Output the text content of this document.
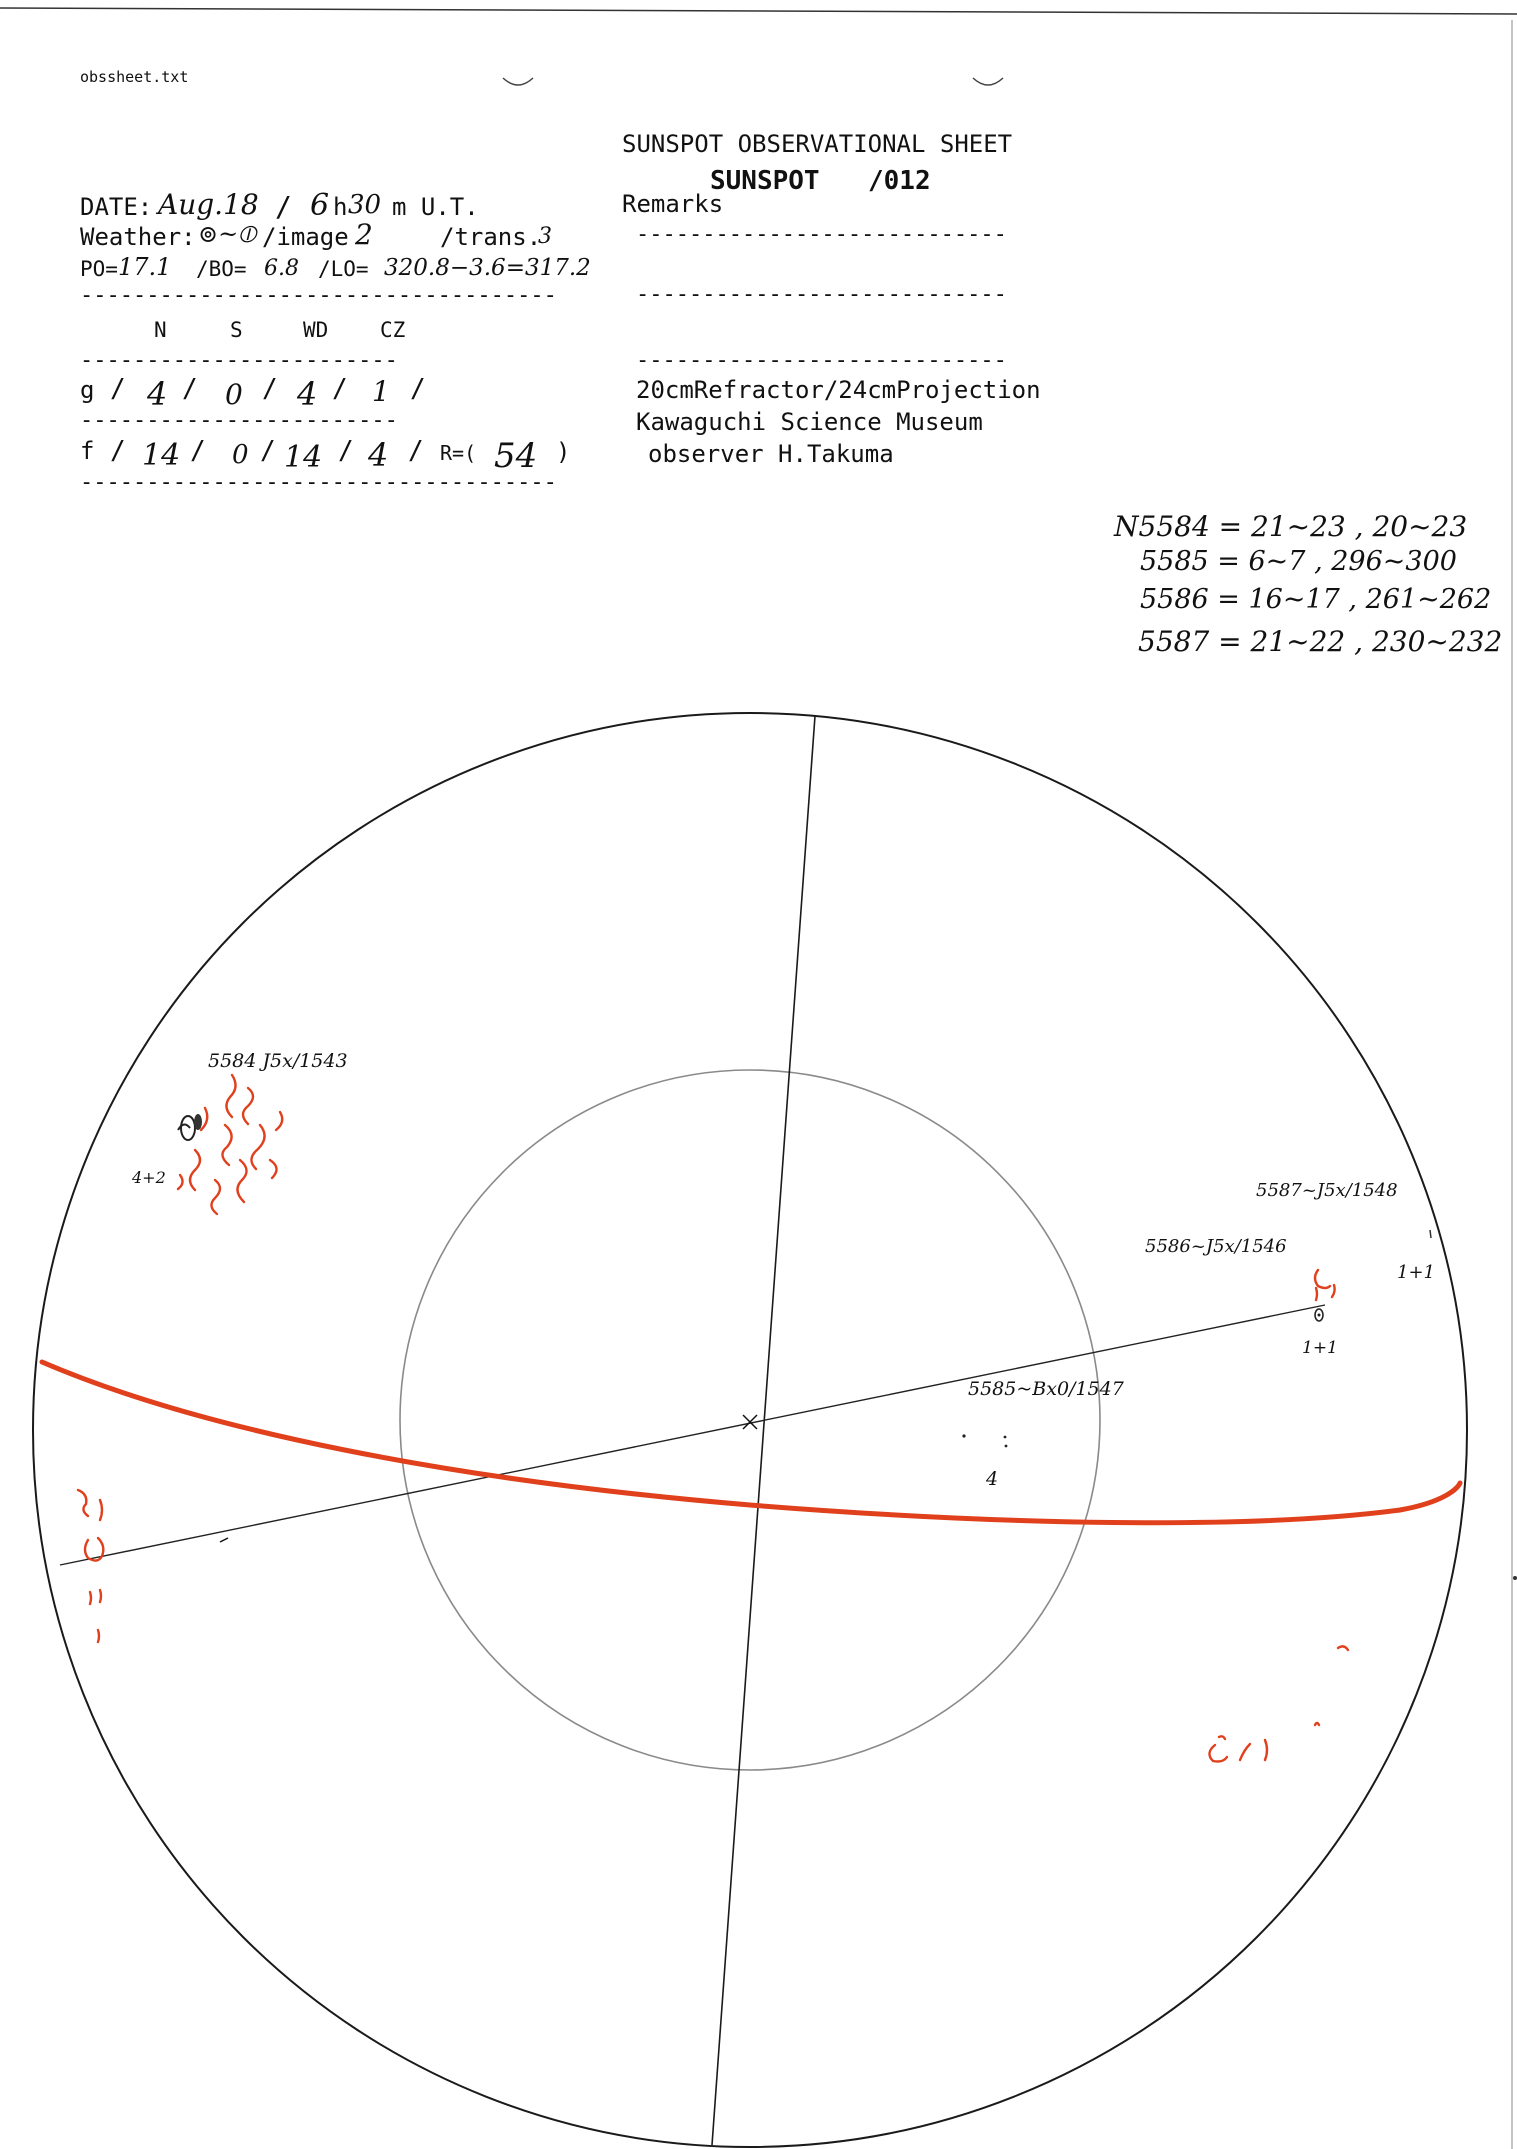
obssheet.txt
SUNSPOT OBSERVATIONAL SHEET
SUNSPOT /012
Remarks
----------------------------
----------------------------
----------------------------
20cmRefractor/24cmProjection
Kawaguchi Science Museum
observer H.Takuma
DATE: Aug.18 / 6 h 30 m U.T.
Weather: ⊚~⦶ /image 2	/trans.
3
PO= 17.1 /BO= 6.8 /LO= 320.8−3.6=317.2
------------------------------------
N	S	WD CZ
------------------------
g / 4 / 0 / 4 / 1 /
------------------------
f / 14 / 0 / 14 / 4 / R=( 54 )
------------------------------------
N5584 = 21~23 , 20~23
5585 = 6~7 , 296~300
5586 = 16~17 , 261~262
5587 = 21~22 , 230~232
5584 J5x/1543
4+2
5587~J5x/1548
5586~J5x/1546
1+1
1+1
5585~Bx0/1547
4
